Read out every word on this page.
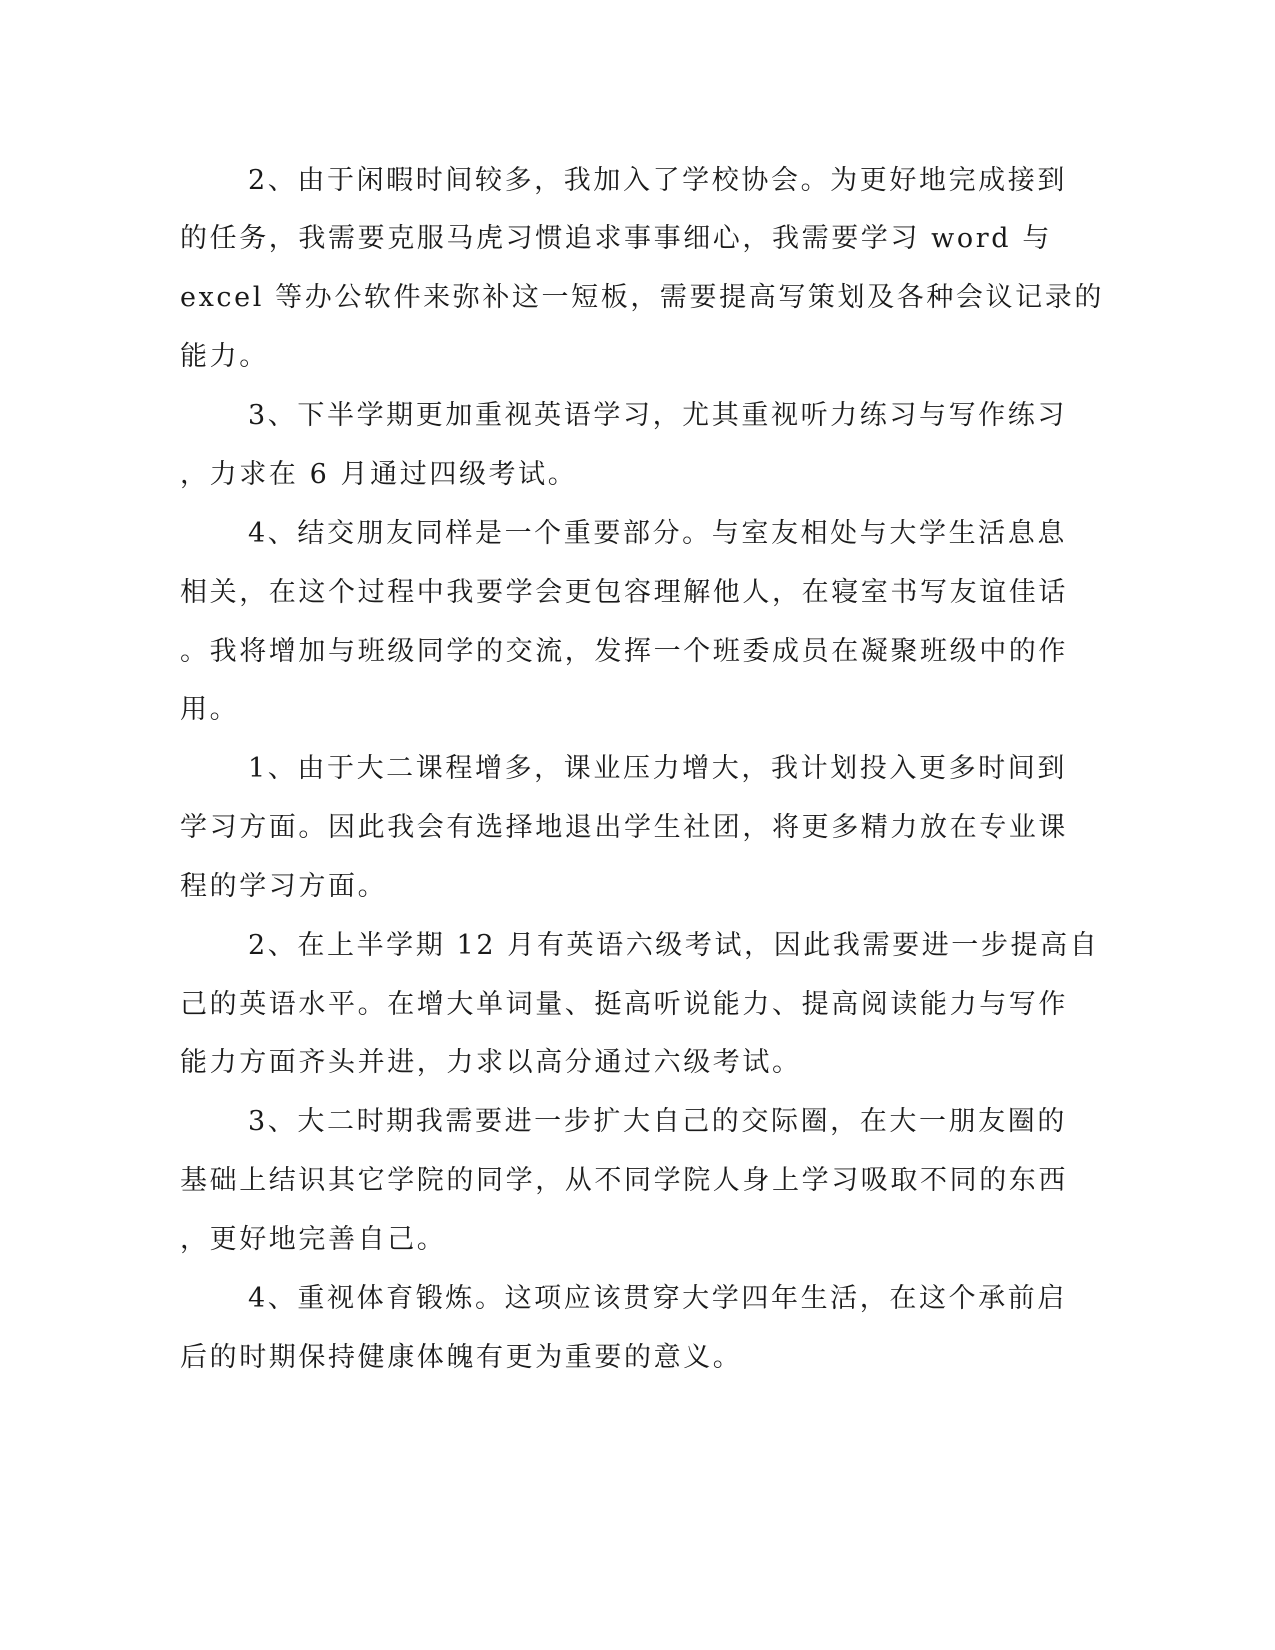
2、由于闲暇时间较多，我加入了学校协会。为更好地完成接到

的任务，我需要克服马虎习惯追求事事细心，我需要学习 word 与

excel 等办公软件来弥补这一短板，需要提高写策划及各种会议记录的

能力。

3、下半学期更加重视英语学习，尤其重视听力练习与写作练习

，力求在 6 月通过四级考试。

4、结交朋友同样是一个重要部分。与室友相处与大学生活息息

相关，在这个过程中我要学会更包容理解他人，在寝室书写友谊佳话

。我将增加与班级同学的交流，发挥一个班委成员在凝聚班级中的作

用。

1、由于大二课程增多，课业压力增大，我计划投入更多时间到

学习方面。因此我会有选择地退出学生社团，将更多精力放在专业课

程的学习方面。

2、在上半学期 12 月有英语六级考试，因此我需要进一步提高自

己的英语水平。在增大单词量、挺高听说能力、提高阅读能力与写作

能力方面齐头并进，力求以高分通过六级考试。

3、大二时期我需要进一步扩大自己的交际圈，在大一朋友圈的

基础上结识其它学院的同学，从不同学院人身上学习吸取不同的东西

，更好地完善自己。

4、重视体育锻炼。这项应该贯穿大学四年生活，在这个承前启

后的时期保持健康体魄有更为重要的意义。
